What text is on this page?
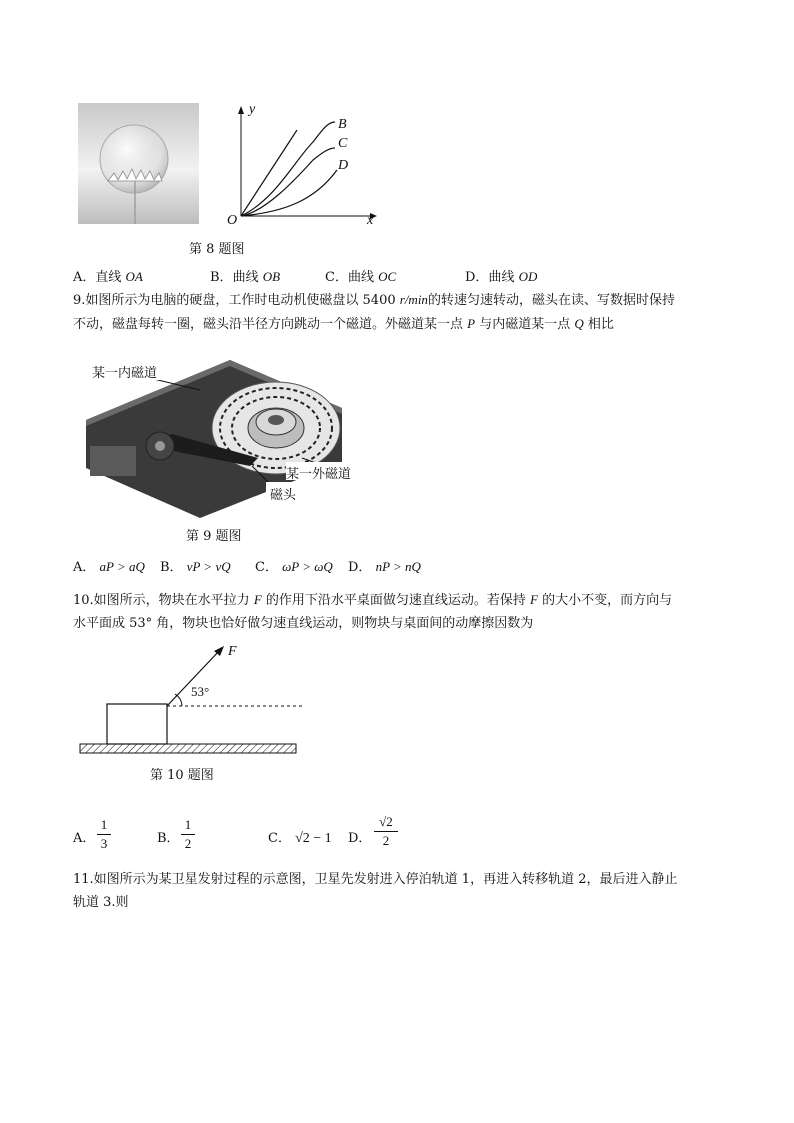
y
x
O
B
C
D
第 8 题图
A．直线 OA	B．曲线 OB	C．曲线 OC	D．曲线 OD
9.如图所示为电脑的硬盘，工作时电动机使磁盘以 5400 r/min的转速匀速转动，磁头在读、写数据时保持
不动，磁盘每转一圈，磁头沿半径方向跳动一个磁道。外磁道某一点 P 与内磁道某一点 Q 相比
某一内磁道
某一外磁道
磁头
第 9 题图
A． aP > aQ B． vP > vQ C． ωP > ωQ D． nP > nQ
10.如图所示，物块在水平拉力 F 的作用下沿水平桌面做匀速直线运动。若保持 F 的大小不变，而方向与
水平面成 53° 角，物块也恰好做匀速直线运动，则物块与桌面间的动摩擦因数为
F
53°
第 10 题图
A．
1
3	B．
1
2	C． √2 − 1 D．
√2
2
11.如图所示为某卫星发射过程的示意图，卫星先发射进入停泊轨道 1，再进入转移轨道 2，最后进入静止
轨道 3.则
